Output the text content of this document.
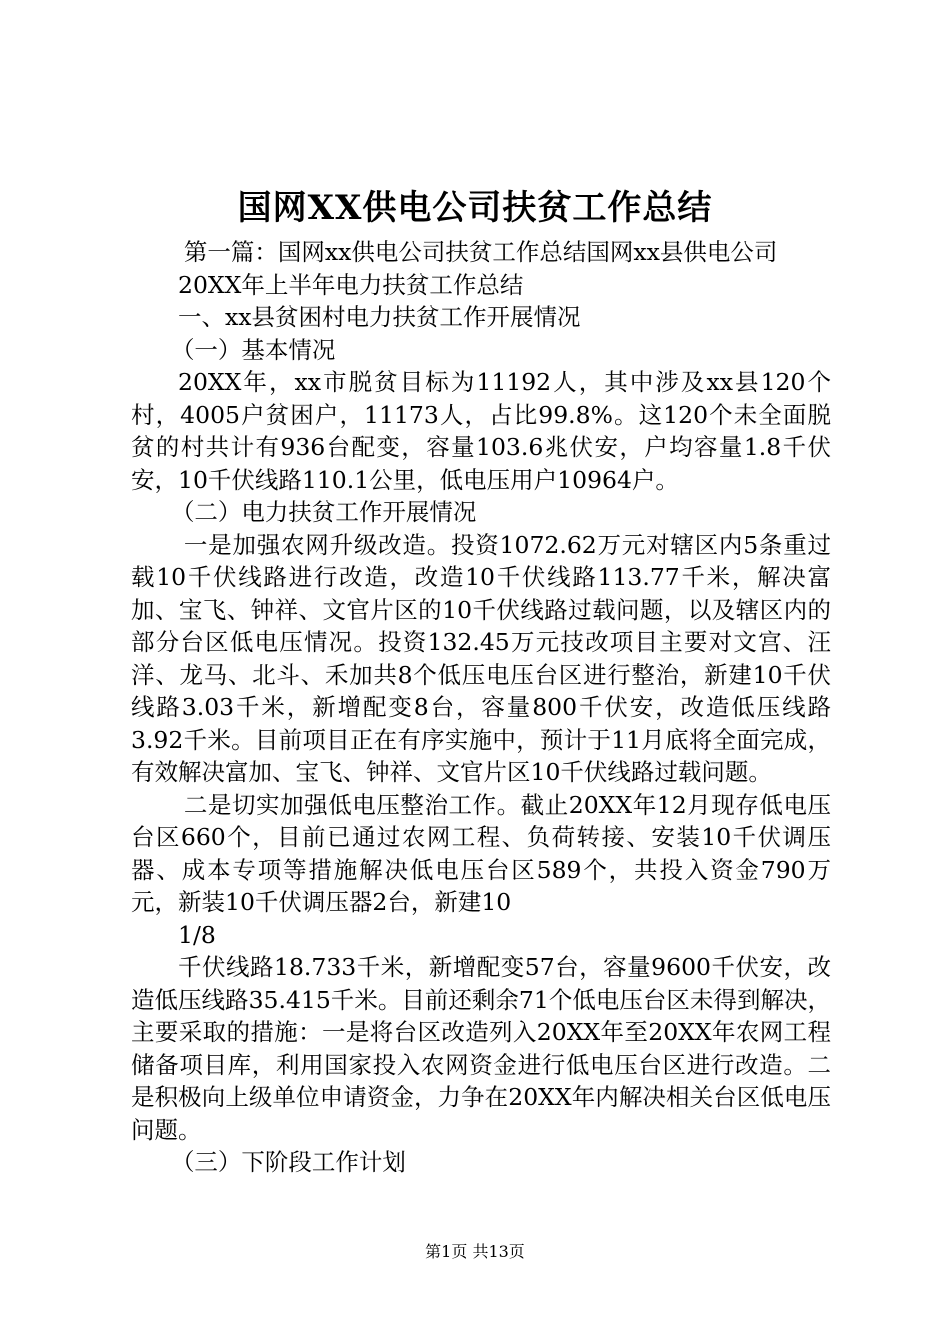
国网XX供电公司扶贫工作总结

第一篇：国网xx供电公司扶贫工作总结国网xx县供电公司

20XX年上半年电力扶贫工作总结

一、xx县贫困村电力扶贫工作开展情况

（一）基本情况

20XX年，xx市脱贫目标为11192人，其中涉及xx县120个村，4005户贫困户，11173人，占比99.8%。这120个未全面脱贫的村共计有936台配变，容量103.6兆伏安，户均容量1.8千伏安，10千伏线路110.1公里，低电压用户10964户。

（二）电力扶贫工作开展情况

一是加强农网升级改造。投资1072.62万元对辖区内5条重过载10千伏线路进行改造，改造10千伏线路113.77千米，解决富加、宝飞、钟祥、文官片区的10千伏线路过载问题，以及辖区内的部分台区低电压情况。投资132.45万元技改项目主要对文宫、汪洋、龙马、北斗、禾加共8个低压电压台区进行整治，新建10千伏线路3.03千米，新增配变8台，容量800千伏安，改造低压线路3.92千米。目前项目正在有序实施中，预计于11月底将全面完成，有效解决富加、宝飞、钟祥、文官片区10千伏线路过载问题。

二是切实加强低电压整治工作。截止20XX年12月现存低电压台区660个，目前已通过农网工程、负荷转接、安装10千伏调压器、成本专项等措施解决低电压台区589个，共投入资金790万元，新装10千伏调压器2台，新建10

1/8

千伏线路18.733千米，新增配变57台，容量9600千伏安，改造低压线路35.415千米。目前还剩余71个低电压台区未得到解决，主要采取的措施：一是将台区改造列入20XX年至20XX年农网工程储备项目库，利用国家投入农网资金进行低电压台区进行改造。二是积极向上级单位申请资金，力争在20XX年内解决相关台区低电压问题。

（三）下阶段工作计划

第1页 共13页
